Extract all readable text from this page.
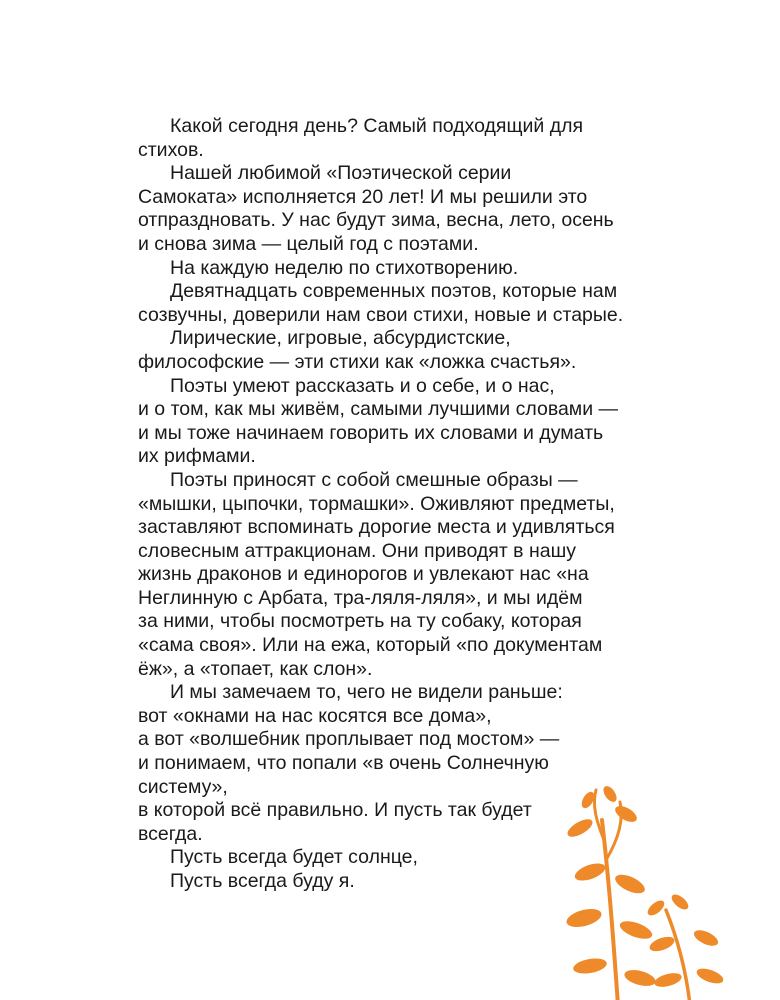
Какой сегодня день? Самый подходящий для
стихов.
Нашей любимой «Поэтической серии
Самоката» исполняется 20 лет! И мы решили это
отпраздновать. У нас будут зима, весна, лето, осень
и снова зима — целый год с поэтами.
На каждую неделю по стихотворению.
Девятнадцать современных поэтов, которые нам
созвучны, доверили нам свои стихи, новые и старые.
Лирические, игровые, абсурдистские,
философские — эти стихи как «ложка счастья».
Поэты умеют рассказать и о себе, и о нас,
и о том, как мы живём, самыми лучшими словами —
и мы тоже начинаем говорить их словами и думать
их рифмами.
Поэты приносят с собой смешные образы —
«мышки, цыпочки, тормашки». Оживляют предметы,
заставляют вспоминать дорогие места и удивляться
словесным аттракционам. Они приводят в нашу
жизнь драконов и единорогов и увлекают нас «на
Неглинную с Арбата, тра-ляля-ляля», и мы идём
за ними, чтобы посмотреть на ту собаку, которая
«сама своя». Или на ежа, который «по документам
ёж», а «топает, как слон».
И мы замечаем то, чего не видели раньше:
вот «окнами на нас косятся все дома»,
а вот «волшебник проплывает под мостом» —
и понимаем, что попали «в очень Солнечную
систему»,
в которой всё правильно. И пусть так будет
всегда.
Пусть всегда будет солнце,
Пусть всегда буду я.
